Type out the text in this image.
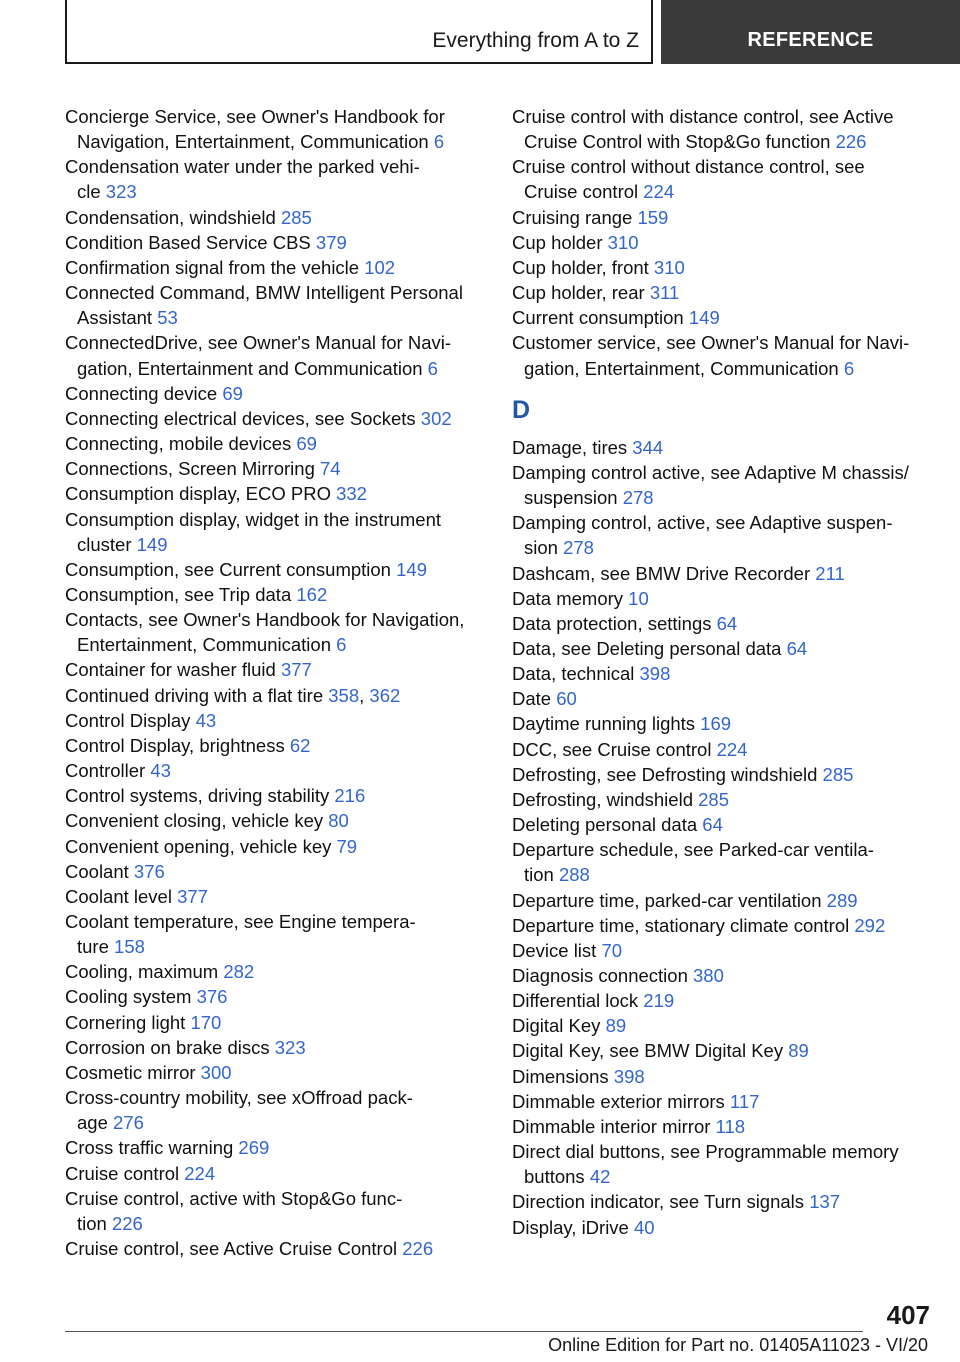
Everything from A to Z	REFERENCE

Concierge Service, see Owner's Handbook for
Navigation, Entertainment, Communication 6

Condensation water under the parked vehi-
cle 323

Condensation, windshield 285

Condition Based Service CBS 379

Confirmation signal from the vehicle 102

Connected Command, BMW Intelligent Personal
Assistant 53

ConnectedDrive, see Owner's Manual for Navi-
gation, Entertainment and Communication 6

Connecting device 69

Connecting electrical devices, see Sockets 302

Connecting, mobile devices 69

Connections, Screen Mirroring 74

Consumption display, ECO PRO 332

Consumption display, widget in the instrument
cluster 149

Consumption, see Current consumption 149

Consumption, see Trip data 162

Contacts, see Owner's Handbook for Navigation,
Entertainment, Communication 6

Container for washer fluid 377

Continued driving with a flat tire 358, 362

Control Display 43

Control Display, brightness 62

Controller 43

Control systems, driving stability 216

Convenient closing, vehicle key 80

Convenient opening, vehicle key 79

Coolant 376

Coolant level 377

Coolant temperature, see Engine tempera-
ture 158

Cooling, maximum 282

Cooling system 376

Cornering light 170

Corrosion on brake discs 323

Cosmetic mirror 300

Cross-country mobility, see xOffroad pack-
age 276

Cross traffic warning 269

Cruise control 224

Cruise control, active with Stop&Go func-
tion 226

Cruise control, see Active Cruise Control 226

Cruise control with distance control, see Active
Cruise Control with Stop&Go function 226

Cruise control without distance control, see
Cruise control 224

Cruising range 159

Cup holder 310

Cup holder, front 310

Cup holder, rear 311

Current consumption 149

Customer service, see Owner's Manual for Navi-
gation, Entertainment, Communication 6

D

Damage, tires 344

Damping control active, see Adaptive M chassis/
suspension 278

Damping control, active, see Adaptive suspen-
sion 278

Dashcam, see BMW Drive Recorder 211

Data memory 10

Data protection, settings 64

Data, see Deleting personal data 64

Data, technical 398

Date 60

Daytime running lights 169

DCC, see Cruise control 224

Defrosting, see Defrosting windshield 285

Defrosting, windshield 285

Deleting personal data 64

Departure schedule, see Parked-car ventila-
tion 288

Departure time, parked-car ventilation 289

Departure time, stationary climate control 292

Device list 70

Diagnosis connection 380

Differential lock 219

Digital Key 89

Digital Key, see BMW Digital Key 89

Dimensions 398

Dimmable exterior mirrors 117

Dimmable interior mirror 118

Direct dial buttons, see Programmable memory
buttons 42

Direction indicator, see Turn signals 137

Display, iDrive 40

407
Online Edition for Part no. 01405A11023 - VI/20
